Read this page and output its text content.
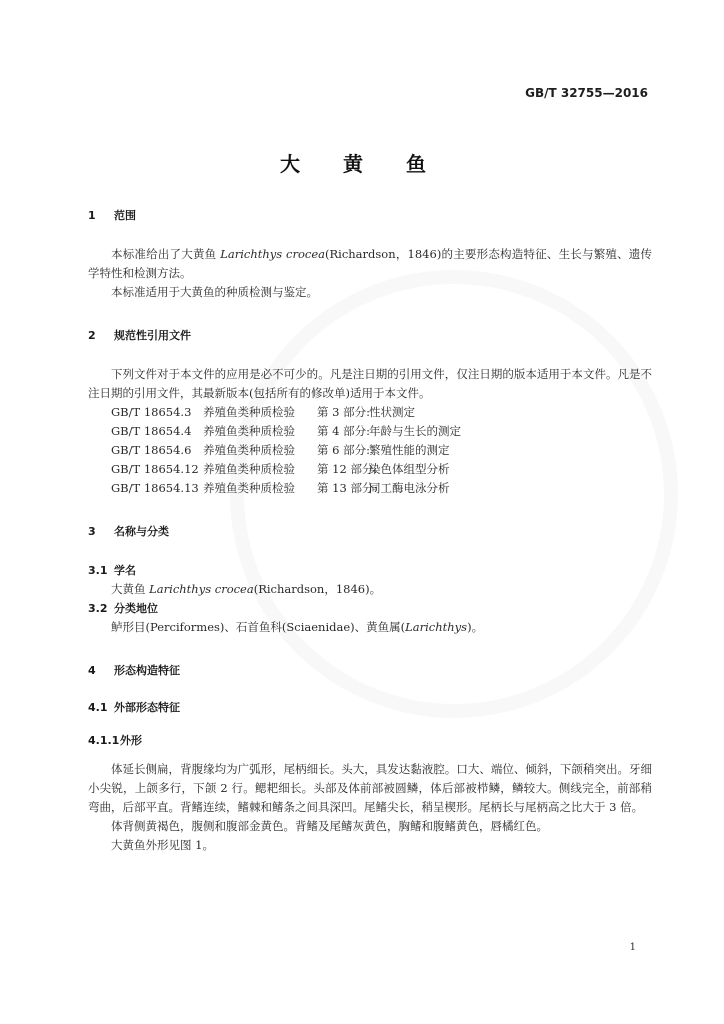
GB/T 32755—2016
大 黄 鱼
1 范围

本标准给出了大黄鱼 Larichthys crocea(Richardson，1846)的主要形态构造特征、生长与繁殖、遗传学特性和检测方法。

本标准适用于大黄鱼的种质检测与鉴定。

2 规范性引用文件

下列文件对于本文件的应用是必不可少的。凡是注日期的引用文件，仅注日期的版本适用于本文件。凡是不注日期的引用文件，其最新版本(包括所有的修改单)适用于本文件。

GB/T 18654.3 养殖鱼类种质检验 第 3 部分:性状测定
GB/T 18654.4 养殖鱼类种质检验 第 4 部分:年龄与生长的测定
GB/T 18654.6 养殖鱼类种质检验 第 6 部分:繁殖性能的测定
GB/T 18654.12 养殖鱼类种质检验 第 12 部分:染色体组型分析
GB/T 18654.13 养殖鱼类种质检验 第 13 部分:同工酶电泳分析
3 名称与分类
3.1 学名

大黄鱼 Larichthys crocea(Richardson，1846)。

3.2 分类地位

鲈形目(Perciformes)、石首鱼科(Sciaenidae)、黄鱼属(Larichthys)。

4 形态构造特征
4.1 外部形态特征
4.1.1外形

体延长侧扁，背腹缘均为广弧形，尾柄细长。头大，具发达黏液腔。口大、端位、倾斜，下颌稍突出。牙细小尖锐，上颌多行，下颌 2 行。鳃耙细长。头部及体前部被圆鳞，体后部被栉鳞，鳞较大。侧线完全，前部稍弯曲，后部平直。背鳍连续，鳍棘和鳍条之间具深凹。尾鳍尖长，稍呈楔形。尾柄长与尾柄高之比大于 3 倍。

体背侧黄褐色，腹侧和腹部金黄色。背鳍及尾鳍灰黄色，胸鳍和腹鳍黄色，唇橘红色。

大黄鱼外形见图 1。

1
